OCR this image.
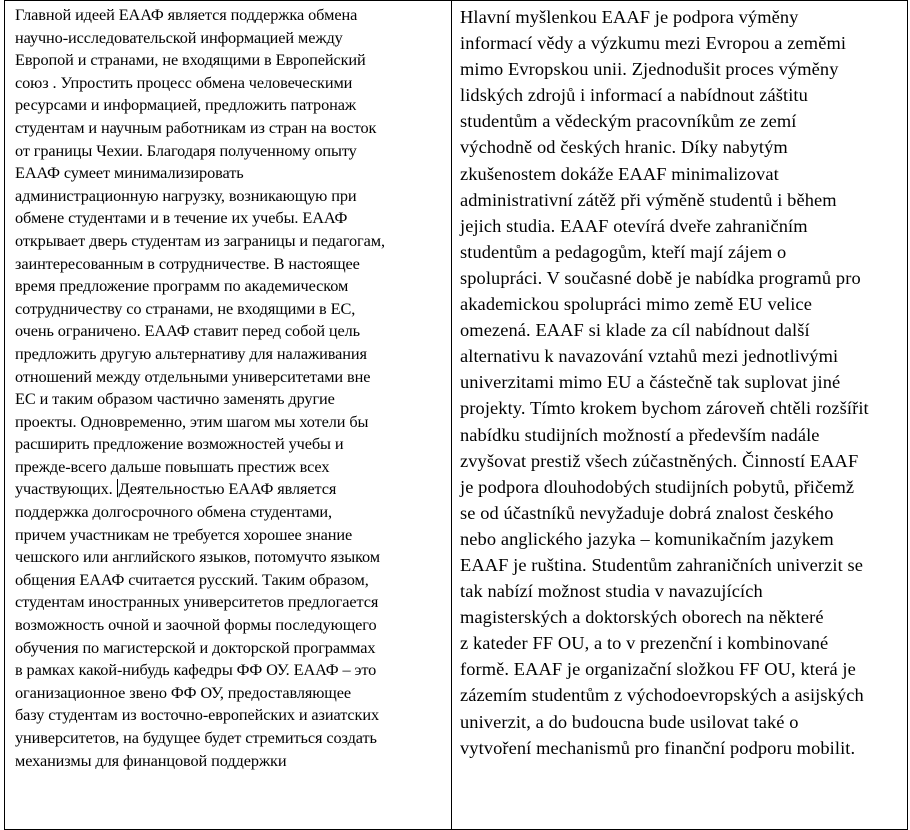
Главной идеей ЕААФ является поддержка обмена
научно-исследовательской информацией между
Европой и странами, не входящими в Европейский
союз . Упростить процесс обмена человеческими
ресурсами и информацией, предложить патронаж
студентам и научным работникам из стран на восток
от границы Чехии. Благодаря полученному опыту
ЕААФ сумеет минимализировать
администрационную нагрузку, возникающую при
обмене студентами и в течение их учебы. ЕААФ
открывает дверь студентам из заграницы и педагогам,
заинтересованным в сотрудничестве. В настоящее
время предложение программ по академическом
сотрудничеству со странами, не входящими в ЕС,
очень ограничено. ЕААФ ставит перед собой цель
предложить другую альтернативу для налаживания
отношений между отдельными университетами вне
ЕС и таким образом частично заменять другие
проекты. Одновременно, этим шагом мы хотели бы
расширить предложение возможностей учебы и
прежде-всего дальше повышать престиж всех
участвующих. Деятельностью ЕААФ является
поддержка долгосрочного обмена студентами,
причем участникам не требуется хорошее знание
чешского или английского языков, потомучто языком
общения ЕААФ считается русский. Таким образом,
студентам иностранных университетов предлогается
возможность очной и заочной формы последующего
обучения по магистерской и докторской программах
в рамках какой-нибудь кафедры ФФ ОУ. ЕААФ – это
оганизационное звено ФФ ОУ, предоставляющее
базу студентам из восточно-европейских и азиатских
университетов, на будущее будет стремиться создать
механизмы для финанцовой поддержки

Hlavní myšlenkou EAAF je podpora výměny
informací vědy a výzkumu mezi Evropou a zeměmi
mimo Evropskou unii. Zjednodušit proces výměny
lidských zdrojů i informací a nabídnout záštitu
studentům a vědeckým pracovníkům ze zemí
východně od českých hranic. Díky nabytým
zkušenostem dokáže EAAF minimalizovat
administrativní zátěž při výměně studentů i během
jejich studia. EAAF otevírá dveře zahraničním
studentům a pedagogům, kteří mají zájem o
spolupráci. V současné době je nabídka programů pro
akademickou spolupráci mimo země EU velice
omezená. EAAF si klade za cíl nabídnout další
alternativu k navazování vztahů mezi jednotlivými
univerzitami mimo EU a částečně tak suplovat jiné
projekty. Tímto krokem bychom zároveň chtěli rozšířit
nabídku studijních možností a především nadále
zvyšovat prestiž všech zúčastněných. Činností EAAF
je podpora dlouhodobých studijních pobytů, přičemž
se od účastníků nevyžaduje dobrá znalost českého
nebo anglického jazyka – komunikačním jazykem
EAAF je ruština. Studentům zahraničních univerzit se
tak nabízí možnost studia v navazujících
magisterských a doktorských oborech na některé
z kateder FF OU, a to v prezenční i kombinované
formě. EAAF je organizační složkou FF OU, která je
zázemím studentům z východoevropských a asijských
univerzit, a do budoucna bude usilovat také o
vytvoření mechanismů pro finanční podporu mobilit.
